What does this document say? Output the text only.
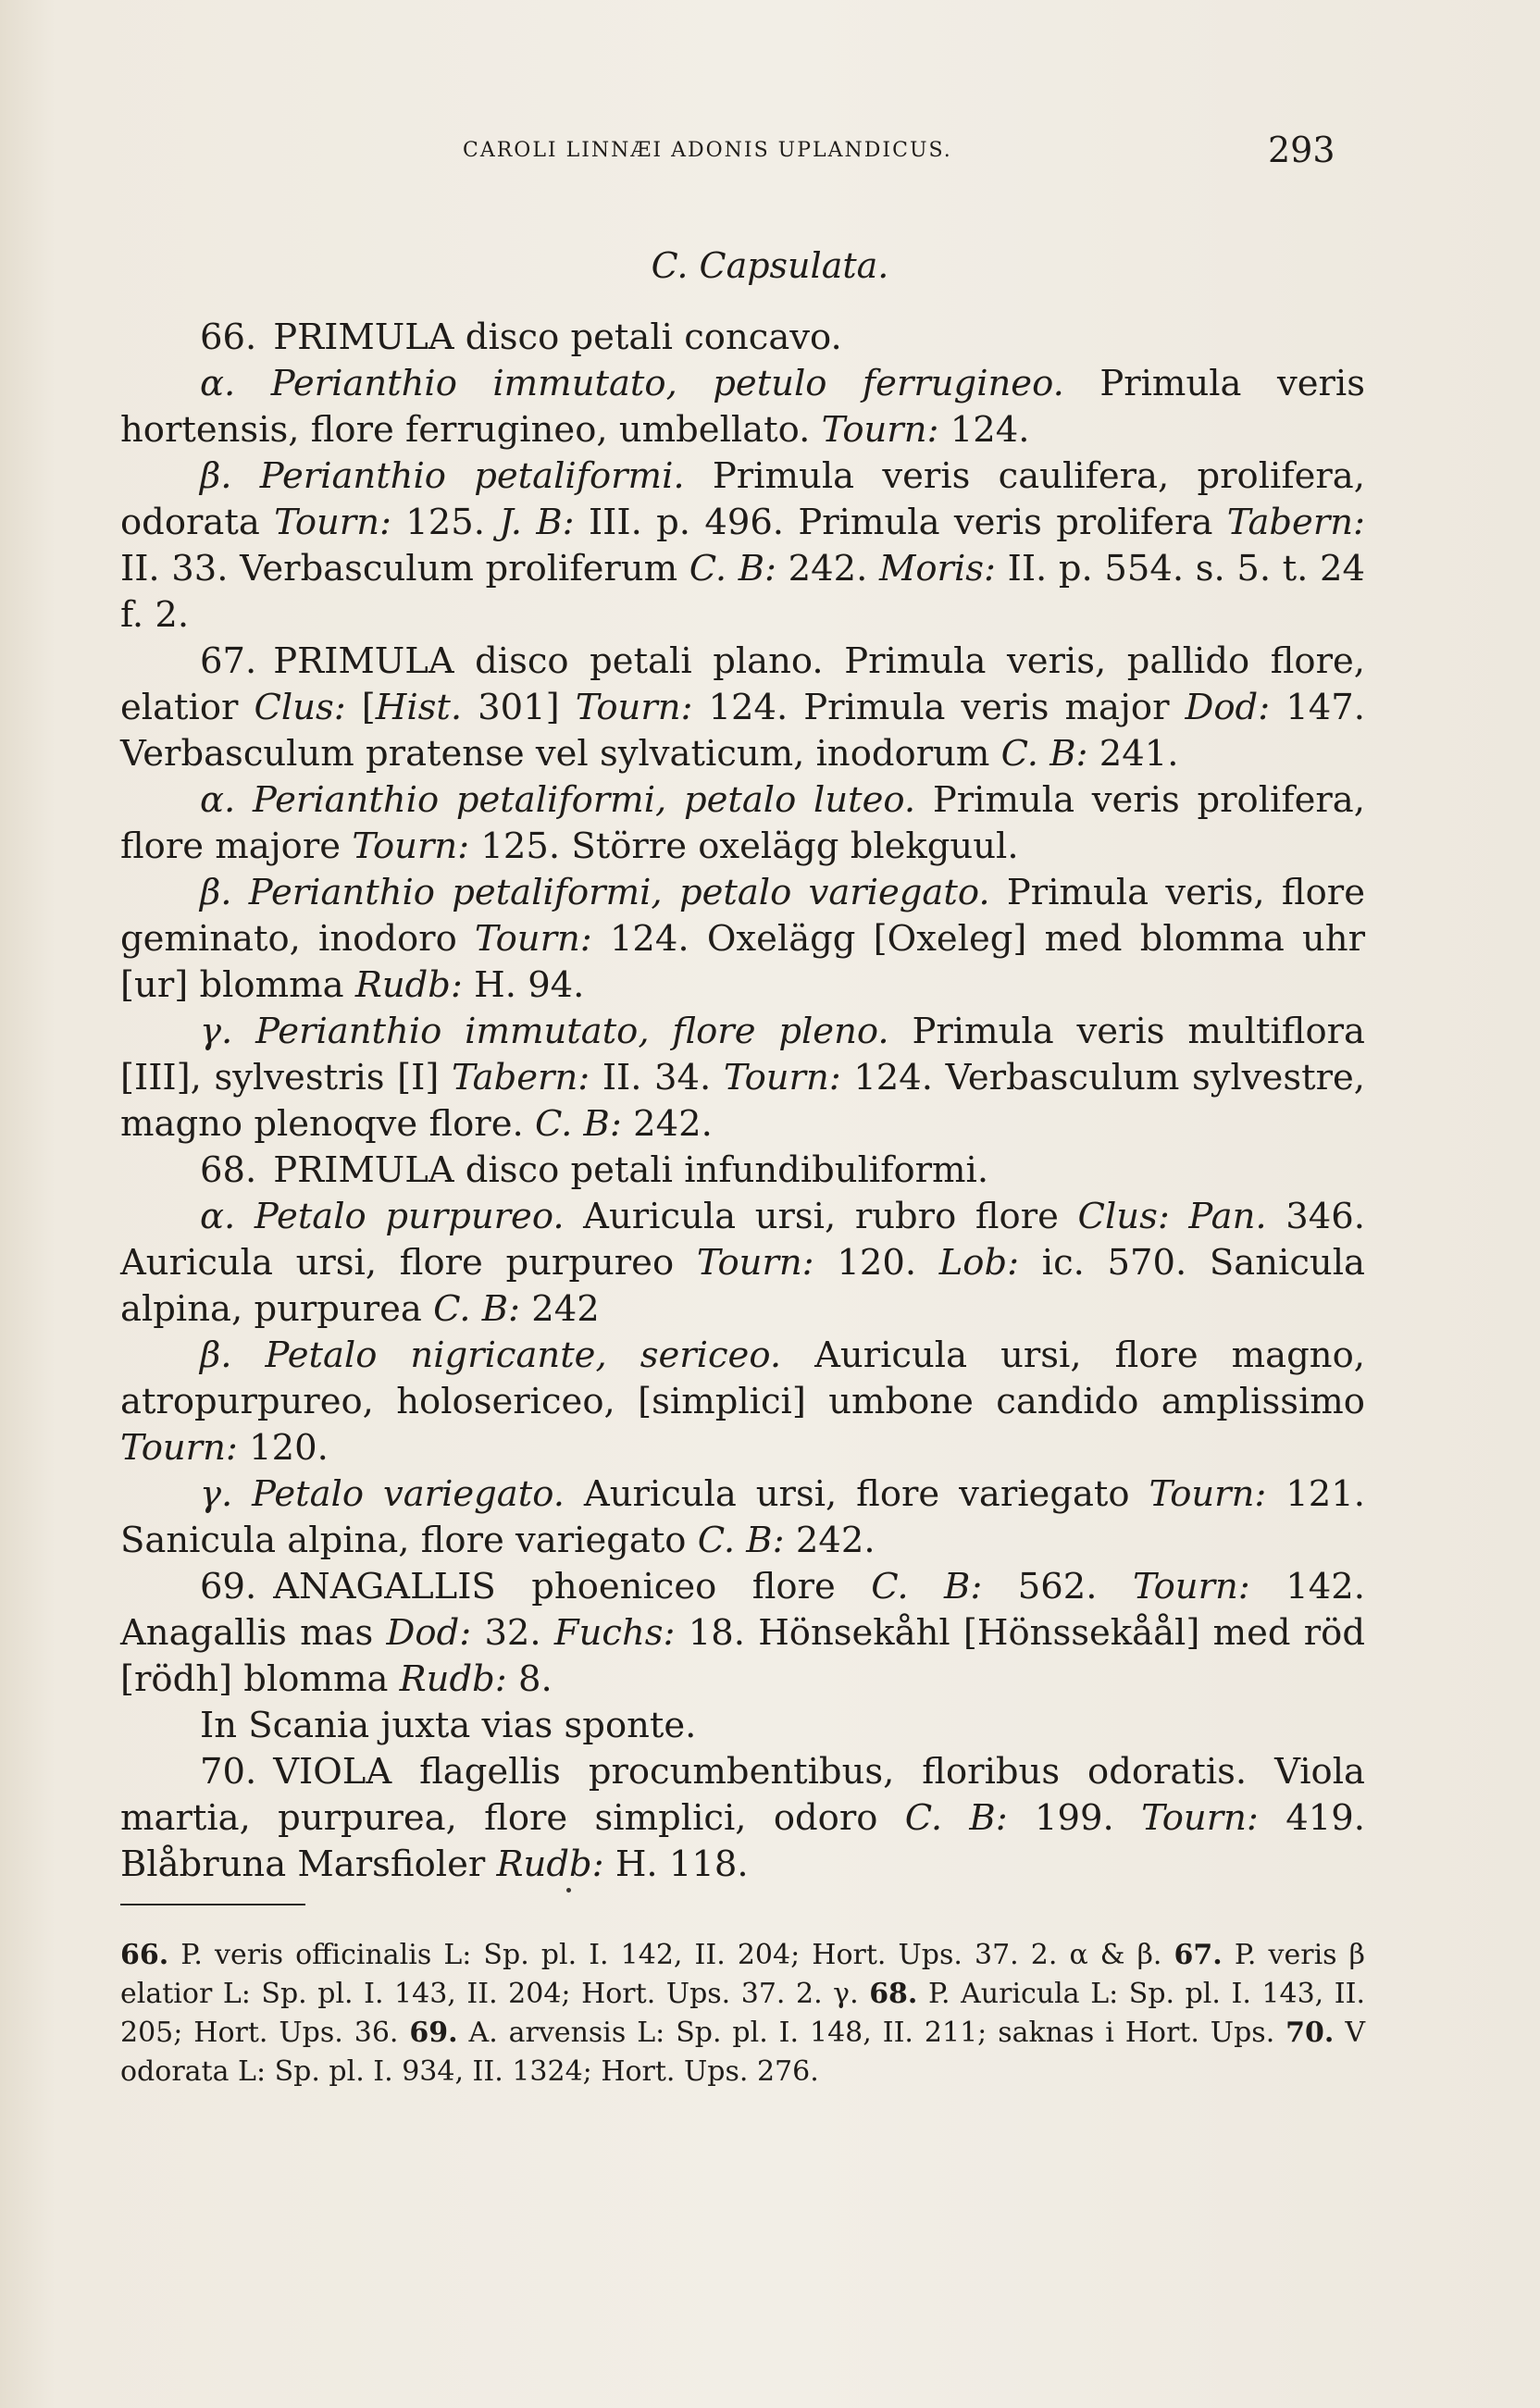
CAROLI LINNÆI ADONIS UPLANDICUS.	293
C. Capsulata.

66. PRIMULA disco petali concavo.

α. Perianthio immutato, petulo ferrugineo. Primula veris hortensis, flore ferrugineo, umbellato. Tourn: 124.

β. Perianthio petaliformi. Primula veris caulifera, prolifera, odorata Tourn: 125. J. B: III. p. 496. Primula veris prolifera Tabern: II. 33. Verbasculum proliferum C. B: 242. Moris: II. p. 554. s. 5. t. 24 f. 2.

67. PRIMULA disco petali plano. Primula veris, pallido flore, elatior Clus: [Hist. 301] Tourn: 124. Primula veris major Dod: 147. Verbasculum pratense vel sylvaticum, inodorum C. B: 241.

α. Perianthio petaliformi, petalo luteo. Primula veris prolifera, flore majore Tourn: 125. Större oxelägg blekguul.

β. Perianthio petaliformi, petalo variegato. Primula veris, flore geminato, inodoro Tourn: 124. Oxelägg [Oxeleg] med blomma uhr [ur] blomma Rudb: H. 94.

γ. Perianthio immutato, flore pleno. Primula veris multiflora [III], sylvestris [I] Tabern: II. 34. Tourn: 124. Verbasculum sylvestre, magno plenoqve flore. C. B: 242.

68. PRIMULA disco petali infundibuliformi.

α. Petalo purpureo. Auricula ursi, rubro flore Clus: Pan. 346. Auricula ursi, flore purpureo Tourn: 120. Lob: ic. 570. Sanicula alpina, purpurea C. B: 242

β. Petalo nigricante, sericeo. Auricula ursi, flore magno, atropurpureo, holosericeo, [simplici] umbone candido amplissimo Tourn: 120.

γ. Petalo variegato. Auricula ursi, flore variegato Tourn: 121. Sanicula alpina, flore variegato C. B: 242.

69. ANAGALLIS phoeniceo flore C. B: 562. Tourn: 142. Anagallis mas Dod: 32. Fuchs: 18. Hönsekåhl [Hönssekåål] med röd [rödh] blomma Rudb: 8.

In Scania juxta vias sponte.

70. VIOLA flagellis procumbentibus, floribus odoratis. Viola martia, purpurea, flore simplici, odoro C. B: 199. Tourn: 419. Blåbruna Marsfioler Rudb: H. 118.

66. P. veris officinalis L: Sp. pl. I. 142, II. 204; Hort. Ups. 37. 2. α & β. 67. P. veris β elatior L: Sp. pl. I. 143, II. 204; Hort. Ups. 37. 2. γ. 68. P. Auricula L: Sp. pl. I. 143, II. 205; Hort. Ups. 36. 69. A. arvensis L: Sp. pl. I. 148, II. 211; saknas i Hort. Ups. 70. V odorata L: Sp. pl. I. 934, II. 1324; Hort. Ups. 276.
